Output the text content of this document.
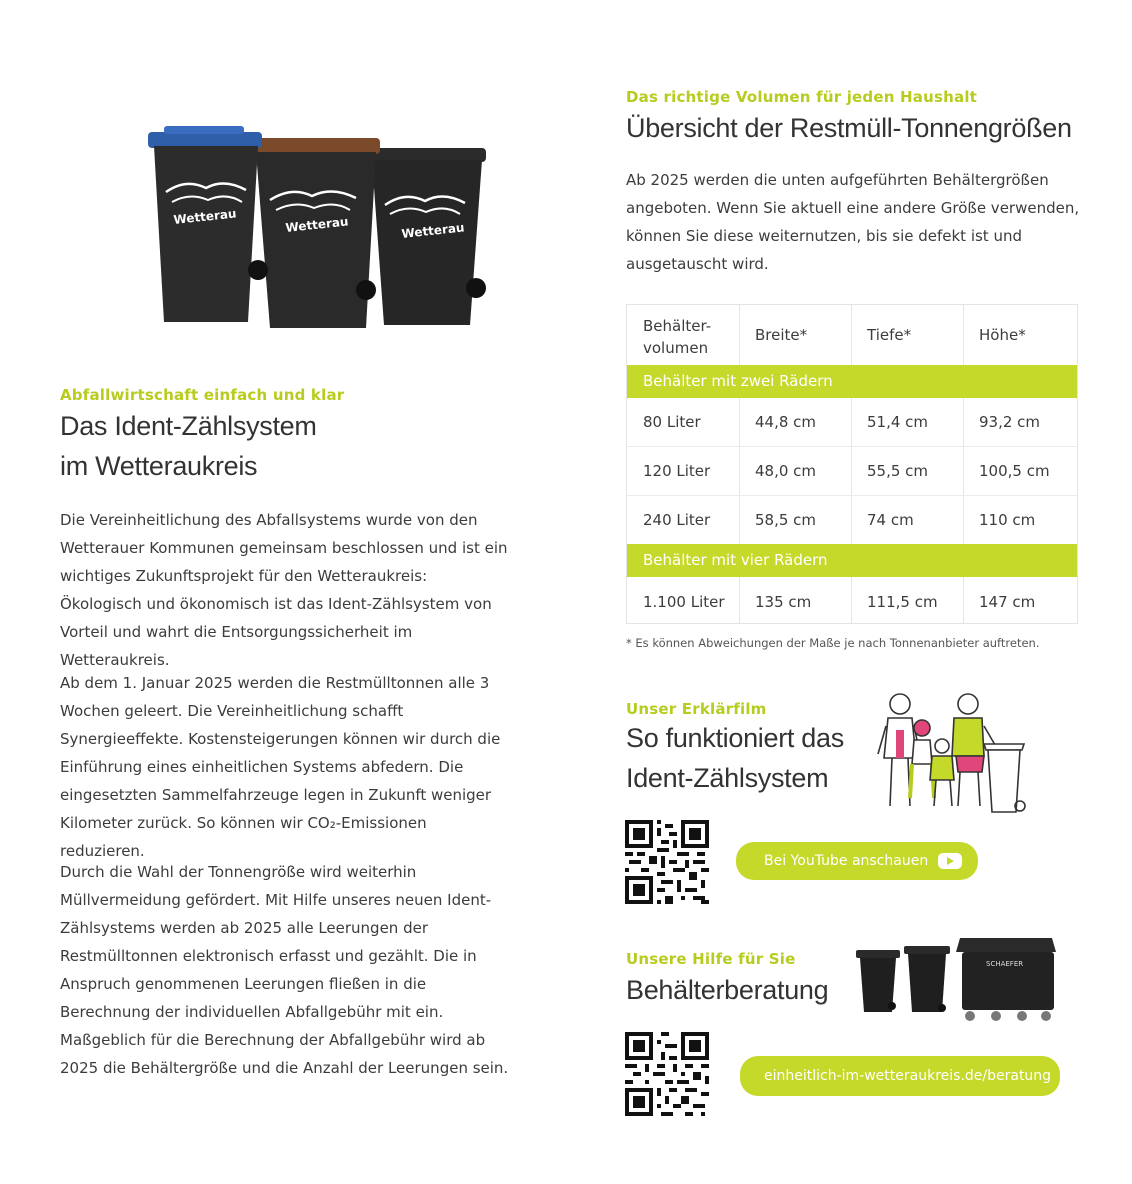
Wetterau
Wetterau
Wetterau
Abfallwirtschaft einfach und klar
Das Ident-Zählsystem
im Wetteraukreis

Die Vereinheitlichung des Abfallsystems wurde von den Wetterauer Kommunen gemeinsam beschlossen und ist ein wichtiges Zukunftsprojekt für den Wetteraukreis: Ökologisch und ökonomisch ist das Ident-Zählsystem von Vorteil und wahrt die Entsorgungssicherheit im Wetteraukreis.

Ab dem 1. Januar 2025 werden die Restmülltonnen alle 3 Wochen geleert. Die Vereinheitlichung schafft Synergieeffekte. Kostensteigerungen können wir durch die Einführung eines einheitlichen Systems abfedern. Die eingesetzten Sammelfahrzeuge legen in Zukunft weniger Kilometer zurück. So können wir CO₂-Emissionen reduzieren.

Durch die Wahl der Tonnengröße wird weiterhin Müllvermeidung gefördert. Mit Hilfe unseres neuen Ident-Zählsystems werden ab 2025 alle Leerungen der Restmülltonnen elektronisch erfasst und gezählt. Die in Anspruch genommenen Leerungen fließen in die Berechnung der individuellen Abfallgebühr mit ein. Maßgeblich für die Berechnung der Abfallgebühr wird ab 2025 die Behältergröße und die Anzahl der Leerungen sein.

Das richtige Volumen für jeden Haushalt
Übersicht der Restmüll-Tonnengrößen

Ab 2025 werden die unten aufgeführten Behältergrößen angeboten. Wenn Sie aktuell eine andere Größe verwenden, können Sie diese weiternutzen, bis sie defekt ist und ausgetauscht wird.

Behälter-
volumen
Breite*	Tiefe*	Höhe*
Behälter mit zwei Rädern
80 Liter	44,8 cm	51,4 cm	93,2 cm
120 Liter	48,0 cm	55,5 cm	100,5 cm
240 Liter	58,5 cm	74 cm	110 cm
Behälter mit vier Rädern
1.100 Liter 135 cm	111,5 cm	147 cm
* Es können Abweichungen der Maße je nach Tonnenanbieter auftreten.
Unser Erklärfilm
So funktioniert das
Ident-Zählsystem
Bei YouTube anschauen
Unsere Hilfe für Sie
Behälterberatung
SCHAEFER
einheitlich-im-wetteraukreis.de/beratung
